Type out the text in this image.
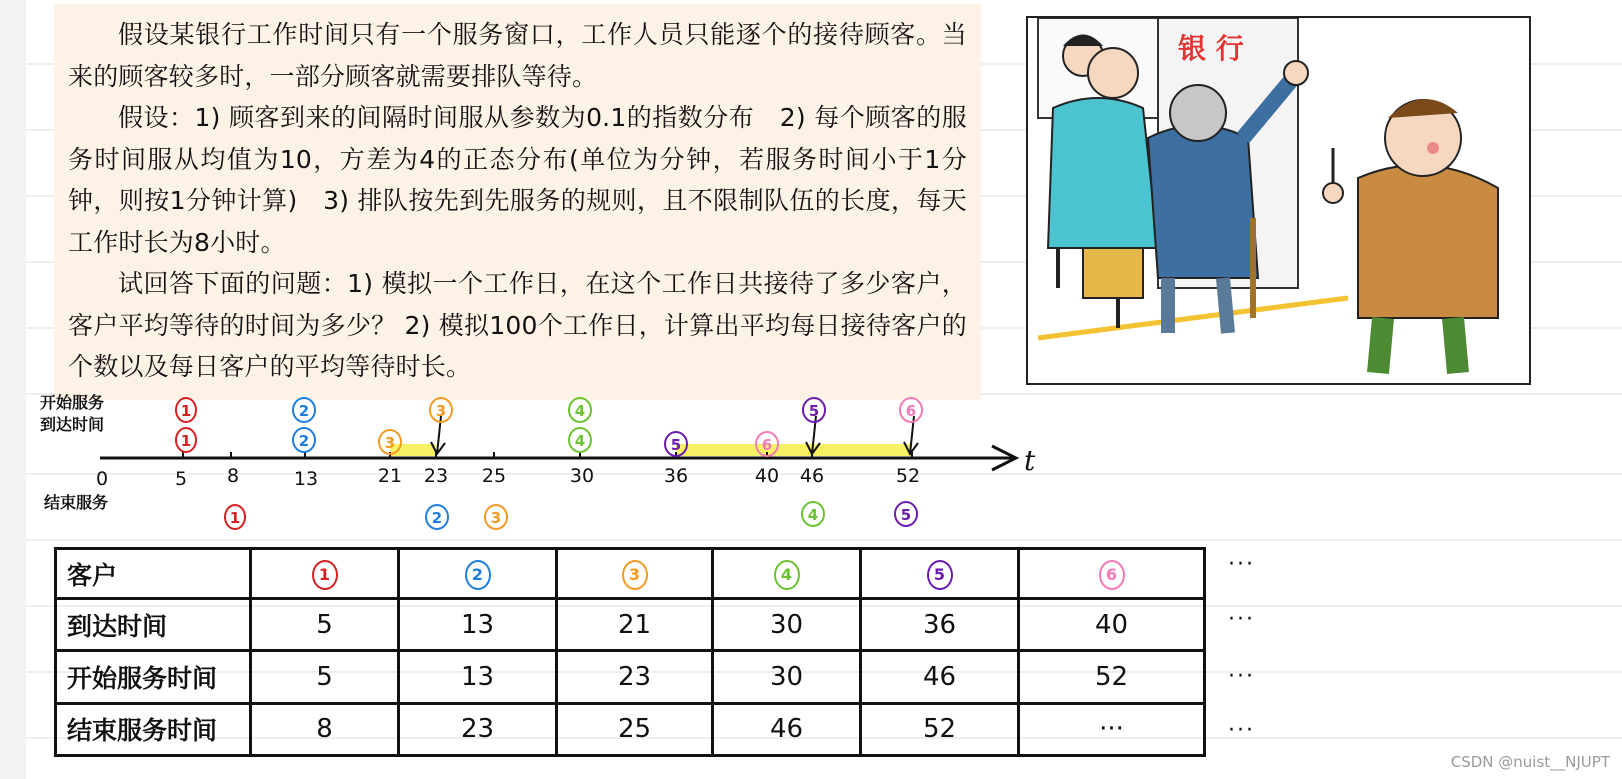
假设某银行工作时间只有一个服务窗口，工作人员只能逐个的接待顾客。当来的顾客较多时，一部分顾客就需要排队等待。

假设：1) 顾客到来的间隔时间服从参数为0.1的指数分布　2) 每个顾客的服务时间服从均值为10，方差为4的正态分布(单位为分钟，若服务时间小于1分钟，则按1分钟计算)　3) 排队按先到先服务的规则，且不限制队伍的长度，每天工作时长为8小时。

试回答下面的问题：1) 模拟一个工作日，在这个工作日共接待了多少客户，客户平均等待的时间为多少？ 2) 模拟100个工作日，计算出平均每日接待客户的个数以及每日客户的平均等待时长。

银 行
t
开始服务
到达时间
结束服务
0	5 8	13	21 23 25	30	36	40 46	52
1	2	3	4	5	6
1	2	3	4	5	6
1	2	3	4	5
客户	1	2	3	4	5	6
到达时间	5	13	21	30	36	40
开始服务时间	5	13	23	30	46	52
结束服务时间	8	23	25	46	52	···
···
···
···
···
CSDN @nuist__NJUPT
